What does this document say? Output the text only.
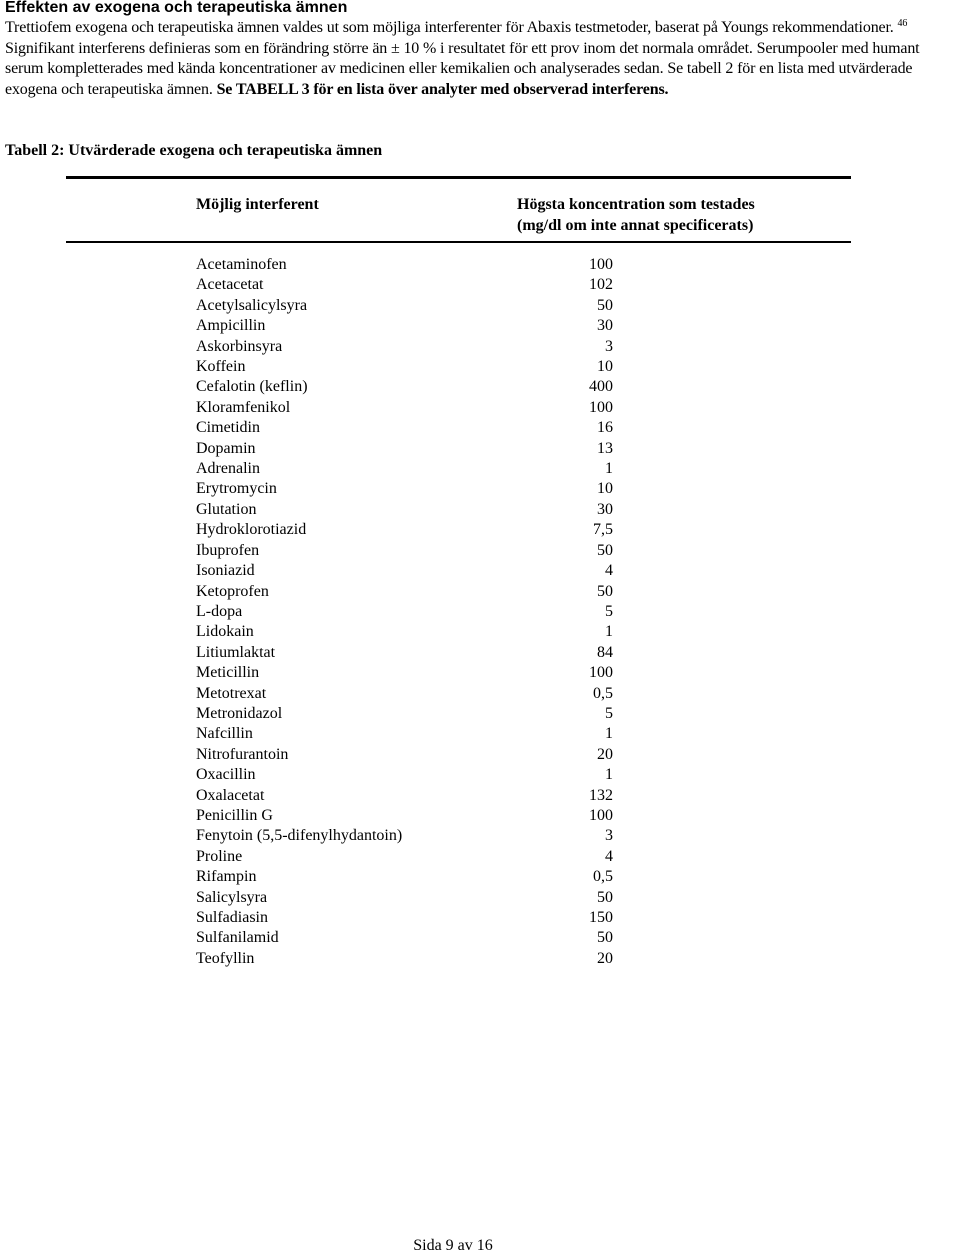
Effekten av exogena och terapeutiska ämnen
Trettiofem exogena och terapeutiska ämnen valdes ut som möjliga interferenter för Abaxis testmetoder, baserat på Youngs rekommendationer. $^{46}$ Signifikant interferens definieras som en förändring större än ± 10 % i resultatet för ett prov inom det normala området. Serumpooler med humant serum kompletterades med kända koncentrationer av medicinen eller kemikalien och analyserades sedan. Se tabell 2 för en lista med utvärderade exogena och terapeutiska ämnen. Se TABELL 3 för en lista över analyter med observerad interferens.
Tabell 2: Utvärderade exogena och terapeutiska ämnen
Möjlig interferent	Högsta koncentration som testades
(mg/dl om inte annat specificerats)
Acetaminofen	100
Acetacetat	102
Acetylsalicylsyra	50
Ampicillin	30
Askorbinsyra	3
Koffein	10
Cefalotin (keflin)	400
Kloramfenikol	100
Cimetidin	16
Dopamin	13
Adrenalin	1
Erytromycin	10
Glutation	30
Hydroklorotiazid	7,5
Ibuprofen	50
Isoniazid	4
Ketoprofen	50
L-dopa	5
Lidokain	1
Litiumlaktat	84
Meticillin	100
Metotrexat	0,5
Metronidazol	5
Nafcillin	1
Nitrofurantoin	20
Oxacillin	1
Oxalacetat	132
Penicillin G	100
Fenytoin (5,5-difenylhydantoin)	3
Proline	4
Rifampin	0,5
Salicylsyra	50
Sulfadiasin	150
Sulfanilamid	50
Teofyllin	20
Sida 9 av 16
